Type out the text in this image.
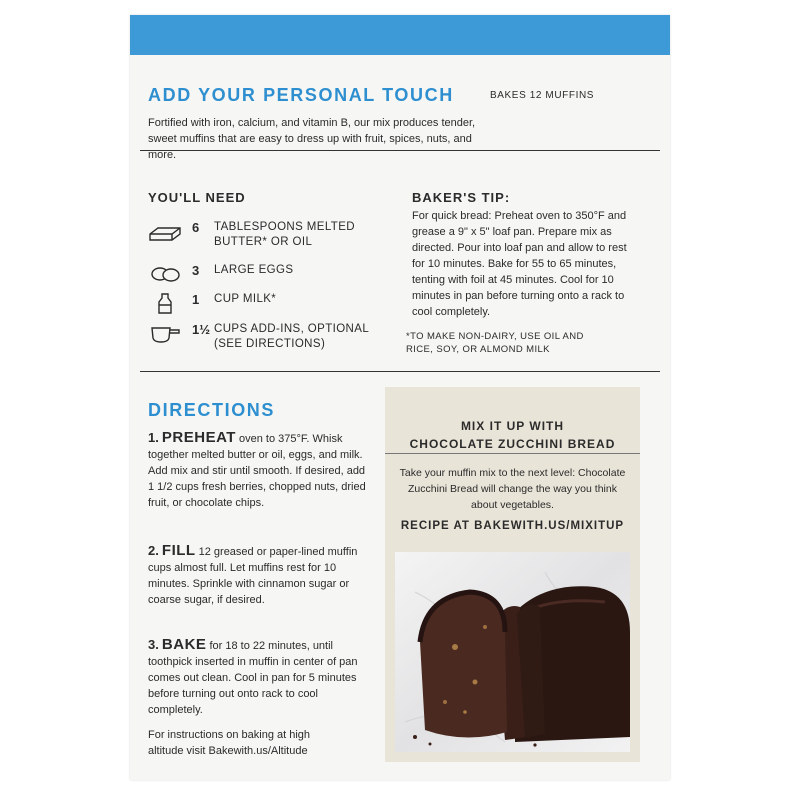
ADD YOUR PERSONAL TOUCH	BAKES 12 MUFFINS
Fortified with iron, calcium, and vitamin B, our mix produces tender, sweet muffins that are easy to dress up with fruit, spices, nuts, and more.
YOU'LL NEED
6	TABLESPOONS MELTED BUTTER* OR OIL
3	LARGE EGGS
1	CUP MILK*
1½ CUPS ADD-INS, OPTIONAL (SEE DIRECTIONS)
BAKER'S TIP:
For quick bread: Preheat oven to 350°F and grease a 9" x 5" loaf pan. Prepare mix as directed. Pour into loaf pan and allow to rest for 10 minutes. Bake for 55 to 65 minutes, tenting with foil at 45 minutes. Cool for 10 minutes in pan before turning onto a rack to cool completely.
*TO MAKE NON-DAIRY, USE OIL AND RICE, SOY, OR ALMOND MILK
DIRECTIONS
1. PREHEAT oven to 375°F. Whisk together melted butter or oil, eggs, and milk. Add mix and stir until smooth. If desired, add 1 1/2 cups fresh berries, chopped nuts, dried fruit, or chocolate chips.
2. FILL 12 greased or paper-lined muffin cups almost full. Let muffins rest for 10 minutes. Sprinkle with cinnamon sugar or coarse sugar, if desired.
3. BAKE for 18 to 22 minutes, until toothpick inserted in muffin in center of pan comes out clean. Cool in pan for 5 minutes before turning out onto rack to cool completely.
For instructions on baking at high altitude visit Bakewith.us/Altitude
MIX IT UP WITH
CHOCOLATE ZUCCHINI BREAD
Take your muffin mix to the next level: Chocolate Zucchini Bread will change the way you think about vegetables.
RECIPE AT BAKEWITH.US/MIXITUP
